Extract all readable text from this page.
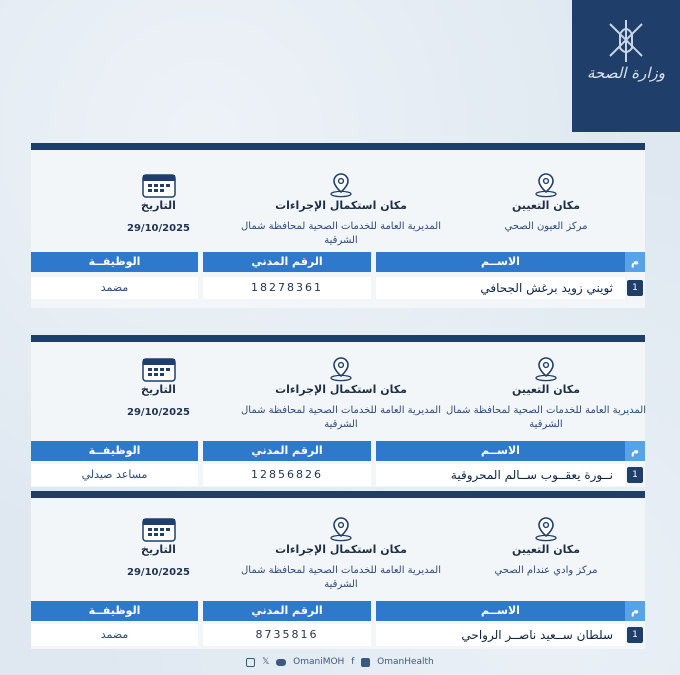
وزارة الصحة
التاريخ
29/10/2025
مكان استكمال الإجراءات
المديرية العامة للخدمات الصحية لمحافظة شمال الشرقية
مكان التعيين
مركز العيون الصحي
الوظيفــة	الرقم المدني	الاســم	م
مضمد	18278361	ثويني زويد برغش الجحافي	1
التاريخ
29/10/2025
مكان استكمال الإجراءات
المديرية العامة للخدمات الصحية لمحافظة شمال الشرقية
مكان التعيين
المديرية العامة للخدمات الصحية لمحافظة شمال الشرقية
الوظيفــة	الرقم المدني	الاســم	م
مساعد صيدلي	12856826	نــورة يعقــوب ســالم المحروقية	1
التاريخ
29/10/2025
مكان استكمال الإجراءات
المديرية العامة للخدمات الصحية لمحافظة شمال الشرقية
مكان التعيين
مركز وادي عندام الصحي
الوظيفــة	الرقم المدني	الاســم	م
مضمد	8735816	سلطان ســعيد ناصــر الرواحي	1
𝕏	OmaniMOH f	OmanHealth
